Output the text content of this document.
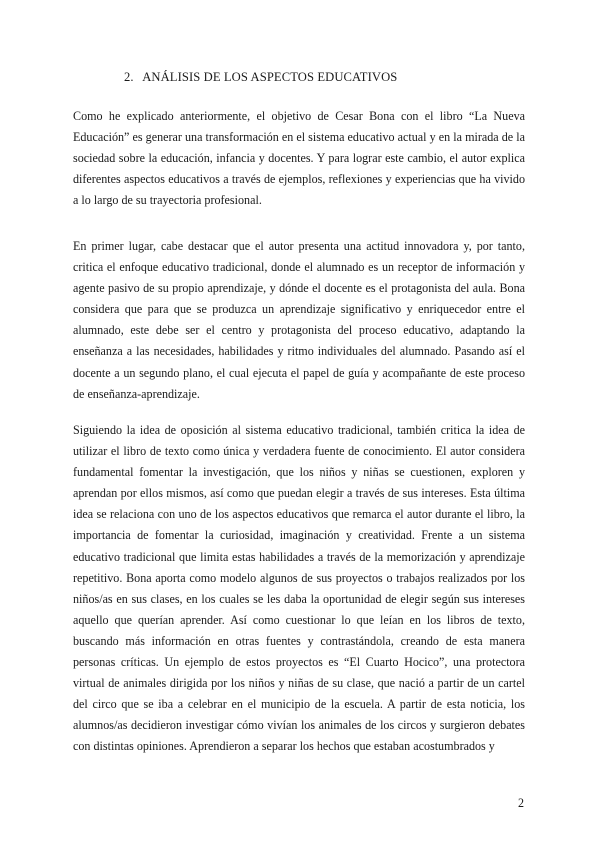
2. ANÁLISIS DE LOS ASPECTOS EDUCATIVOS

Como he explicado anteriormente, el objetivo de Cesar Bona con el libro “La Nueva Educación” es generar una transformación en el sistema educativo actual y en la mirada de la sociedad sobre la educación, infancia y docentes. Y para lograr este cambio, el autor explica diferentes aspectos educativos a través de ejemplos, reflexiones y experiencias que ha vivido a lo largo de su trayectoria profesional.

En primer lugar, cabe destacar que el autor presenta una actitud innovadora y, por tanto, critica el enfoque educativo tradicional, donde el alumnado es un receptor de información y agente pasivo de su propio aprendizaje, y dónde el docente es el protagonista del aula. Bona considera que para que se produzca un aprendizaje significativo y enriquecedor entre el alumnado, este debe ser el centro y protagonista del proceso educativo, adaptando la enseñanza a las necesidades, habilidades y ritmo individuales del alumnado. Pasando así el docente a un segundo plano, el cual ejecuta el papel de guía y acompañante de este proceso de enseñanza-aprendizaje.

Siguiendo la idea de oposición al sistema educativo tradicional, también critica la idea de utilizar el libro de texto como única y verdadera fuente de conocimiento. El autor considera fundamental fomentar la investigación, que los niños y niñas se cuestionen, exploren y aprendan por ellos mismos, así como que puedan elegir a través de sus intereses. Esta última idea se relaciona con uno de los aspectos educativos que remarca el autor durante el libro, la importancia de fomentar la curiosidad, imaginación y creatividad. Frente a un sistema educativo tradicional que limita estas habilidades a través de la memorización y aprendizaje repetitivo. Bona aporta como modelo algunos de sus proyectos o trabajos realizados por los niños/as en sus clases, en los cuales se les daba la oportunidad de elegir según sus intereses aquello que querían aprender. Así como cuestionar lo que leían en los libros de texto, buscando más información en otras fuentes y contrastándola, creando de esta manera personas críticas. Un ejemplo de estos proyectos es “El Cuarto Hocico”, una protectora virtual de animales dirigida por los niños y niñas de su clase, que nació a partir de un cartel del circo que se iba a celebrar en el municipio de la escuela. A partir de esta noticia, los alumnos/as decidieron investigar cómo vivían los animales de los circos y surgieron debates con distintas opiniones. Aprendieron a separar los hechos que estaban acostumbrados y

2
